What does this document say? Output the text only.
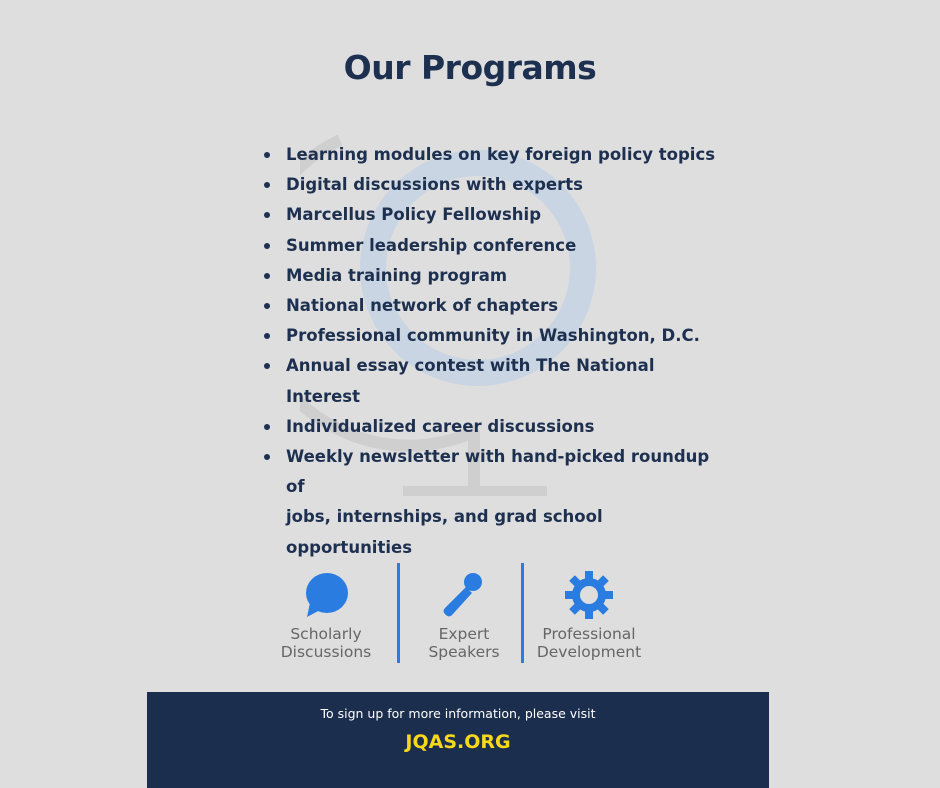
Our Programs
Learning modules on key foreign policy topics
Digital discussions with experts
Marcellus Policy Fellowship
Summer leadership conference
Media training program
National network of chapters
Professional community in Washington, D.C.
Annual essay contest with The National Interest
Individualized career discussions
Weekly newsletter with hand-picked roundup of
jobs, internships, and grad school opportunities
Scholarly
Discussions
Expert
Speakers
Professional
Development
To sign up for more information, please visit
JQAS.ORG
